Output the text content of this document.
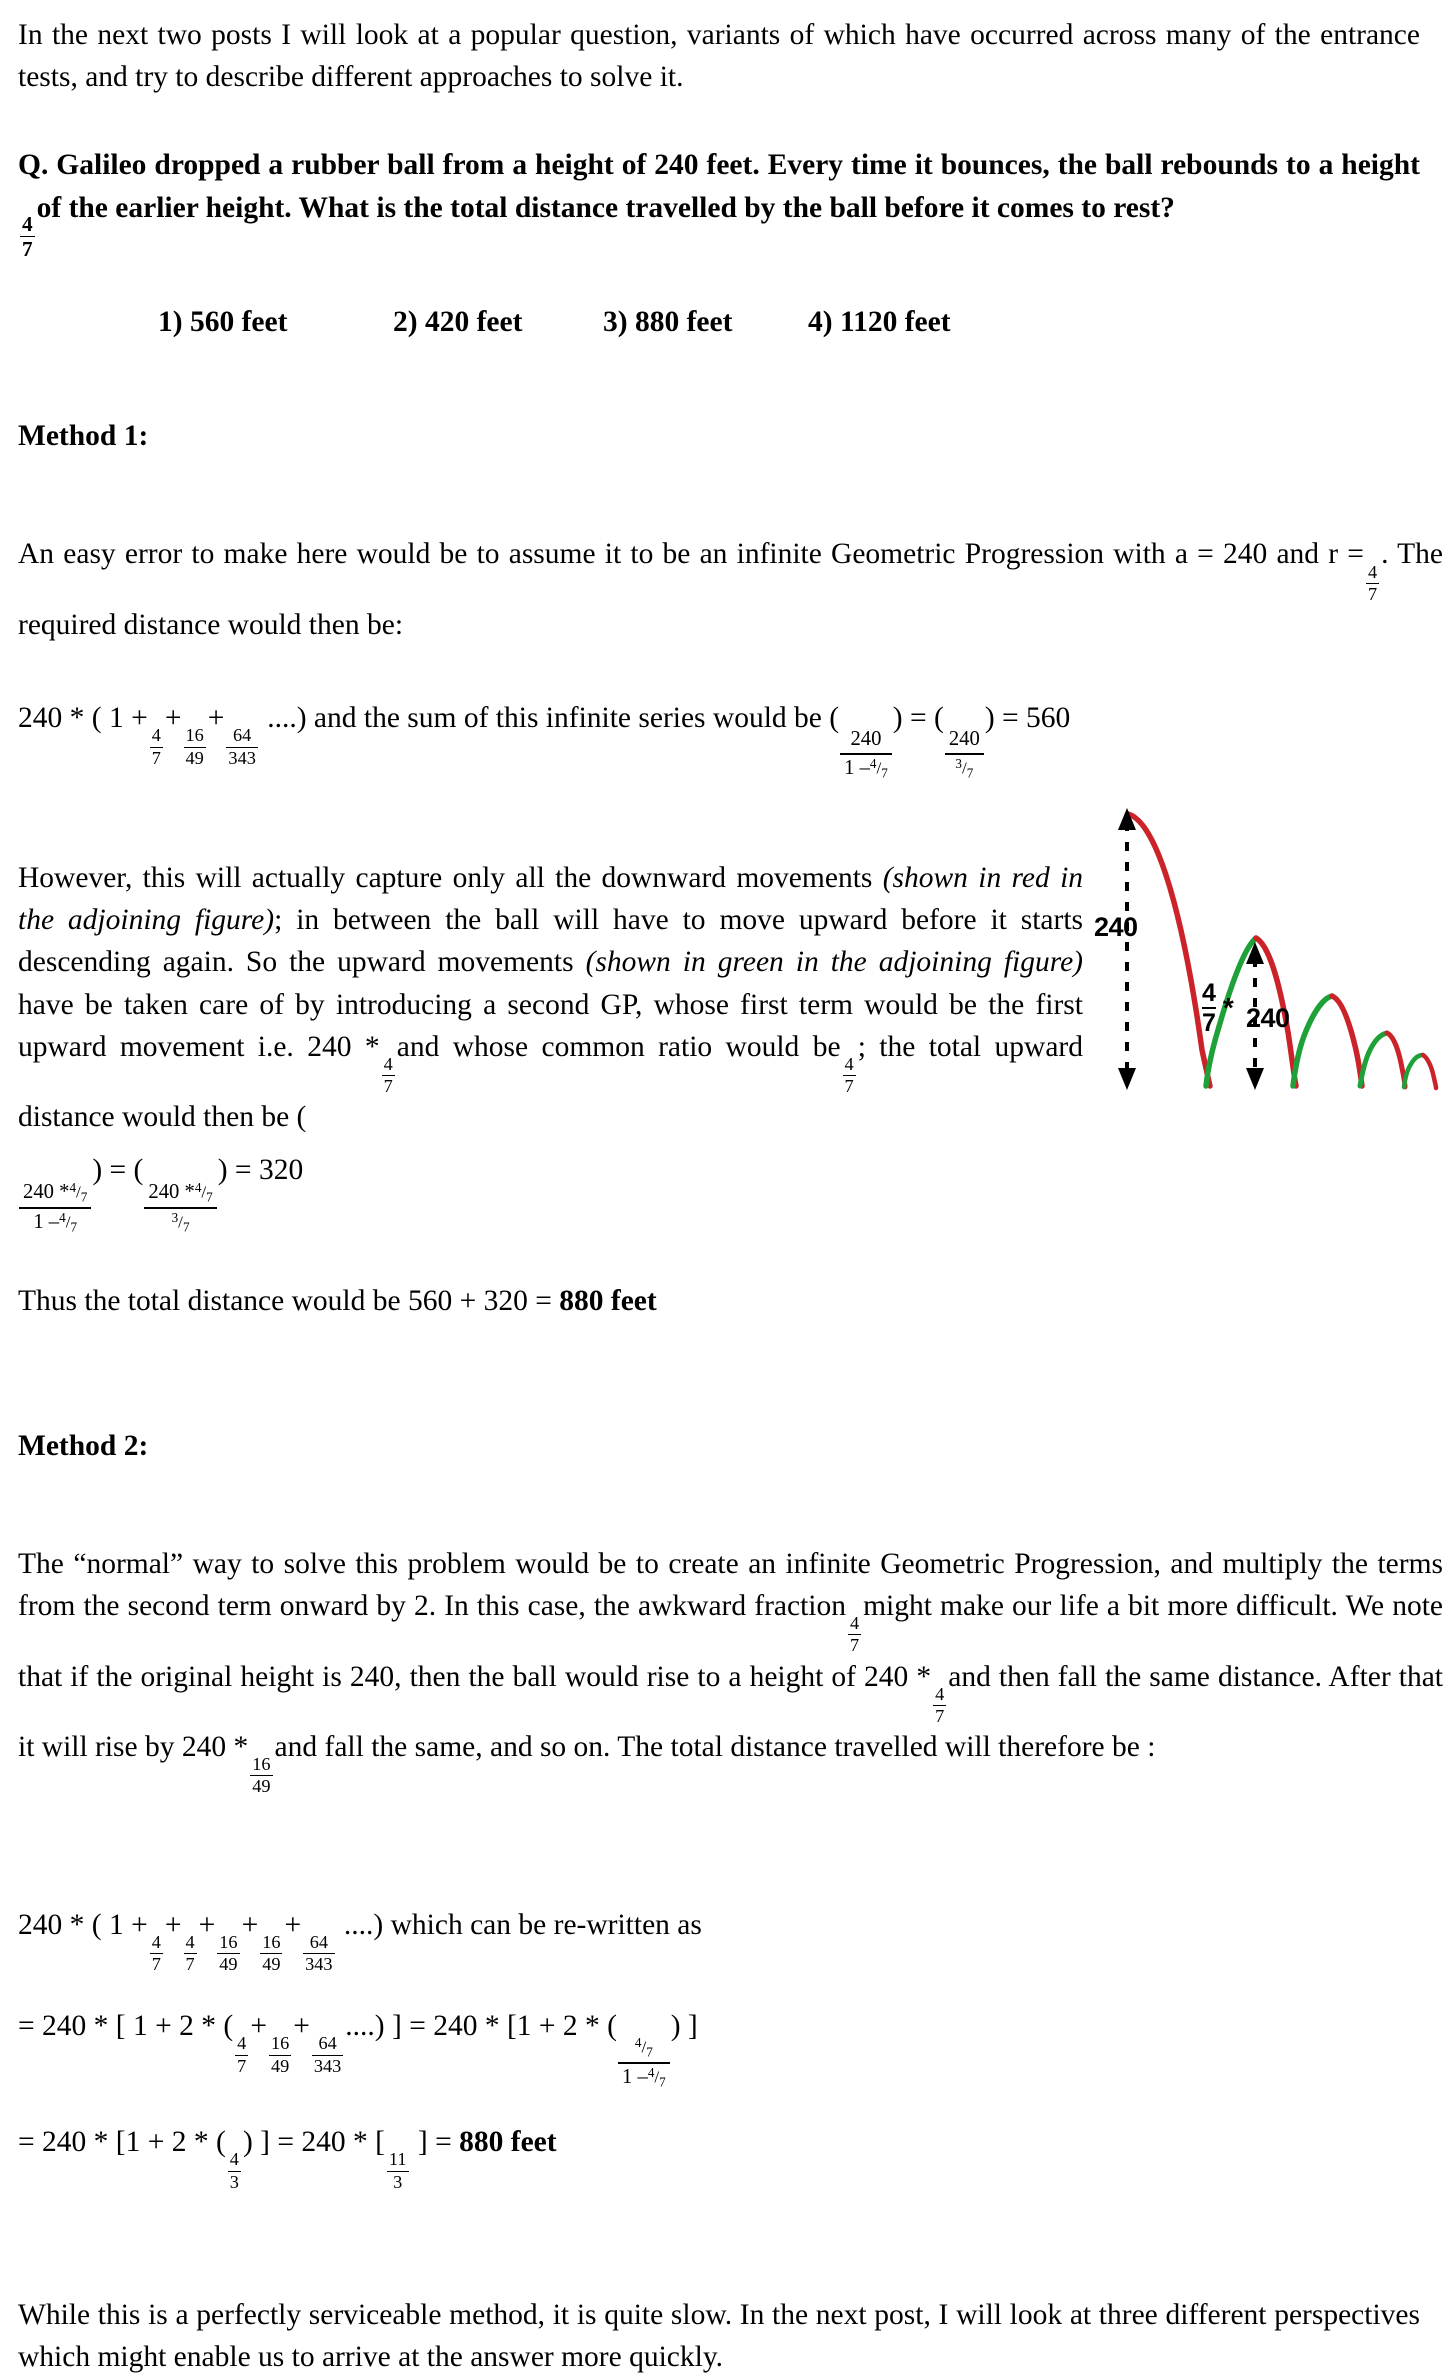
In the next two posts I will look at a popular question, variants of which have occurred across many of the entrance tests, and try to describe different approaches to solve it.

Q. Galileo dropped a rubber ball from a height of 240 feet. Every time it bounces, the ball rebounds to a height
$\frac{4}{7}$
of the earlier height. What is the total distance travelled by the ball before it comes to rest?

1) 560 feet	2) 420 feet	3) 880 feet	4) 1120 feet

Method 1:

An easy error to make here would be to assume it to be an infinite Geometric Progression with a = 240 and r =
$\frac{4}{7}$
. The required distance would then be:

240 * ( 1 +
$\frac{4}{7}$
+
$\frac{16}{49}$
+
$\frac{64}{343}$
....) and the sum of this infinite series would be (
$\frac{240}{1 -4/7}$
) = (
$\frac{240}{3/7}$
) = 560

However, this will actually capture only all the downward movements (shown in red in the adjoining figure); in between the ball will have to move upward before it starts descending again. So the upward movements (shown in green in the adjoining figure) have be taken care of by introducing a second GP, whose first term would be the first upward movement i.e. 240 *
$\frac{4}{7}$
and whose common ratio would be
$\frac{4}{7}$
; the total upward distance would then be (

$\frac{240 *4/7}{1 -4/7}$
) = (
$\frac{240 *4/7}{3/7}$
) = 320

Thus the total distance would be 560 + 320 = 880 feet

Method 2:

The “normal” way to solve this problem would be to create an infinite Geometric Progression, and multiply the terms from the second term onward by 2. In this case, the awkward fraction
$\frac{4}{7}$
might make our life a bit more difficult. We note that if the original height is 240, then the ball would rise to a height of 240 *
$\frac{4}{7}$
and then fall the same distance. After that it will rise by 240 *
$\frac{16}{49}$
and fall the same, and so on. The total distance travelled will therefore be :

240 * ( 1 +
$\frac{4}{7}$
+
$\frac{4}{7}$
+
$\frac{16}{49}$
+
$\frac{16}{49}$
+
$\frac{64}{343}$
....) which can be re-written as
= 240 * [ 1 + 2 * (
$\frac{4}{7}$
+
$\frac{16}{49}$
+
$\frac{64}{343}$
....) ] = 240 * [1 + 2 * (
$\frac{4/7}{1 -4/7}$
) ]
= 240 * [1 + 2 * (
$\frac{4}{3}$
) ] = 240 * [
$\frac{11}{3}$
] = 880 feet

While this is a perfectly serviceable method, it is quite slow. In the next post, I will look at three different perspectives which might enable us to arrive at the answer more quickly.

240
4
7 * 240
